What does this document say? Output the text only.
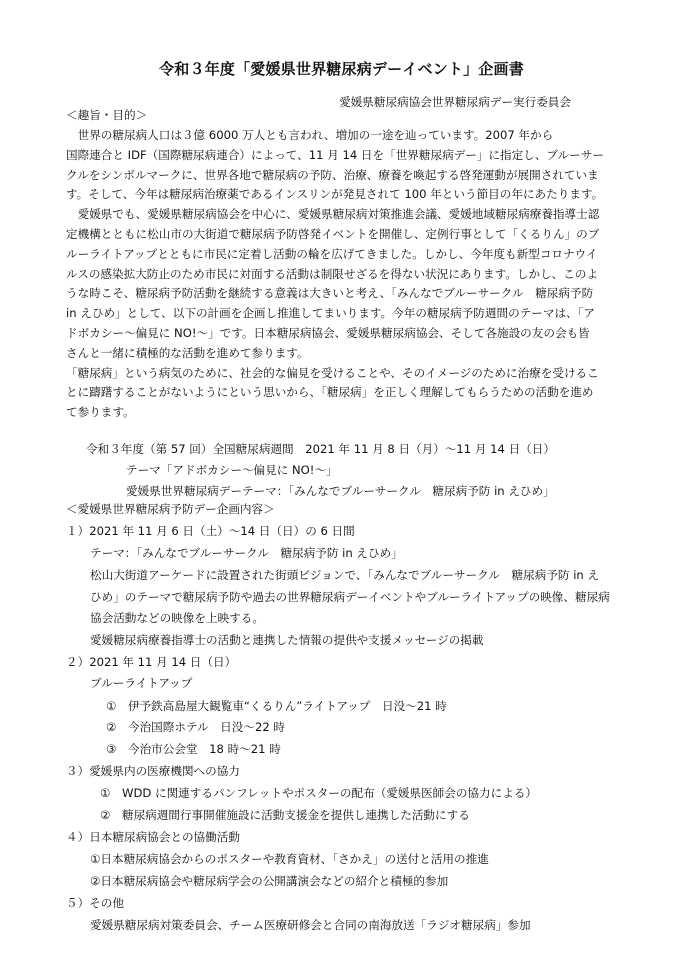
令和３年度「愛媛県世界糖尿病デーイベント」企画書
愛媛県糖尿病協会世界糖尿病デー実行委員会
＜趣旨・目的＞
　世界の糖尿病人口は３億 6000 万人とも言われ、増加の一途を辿っています。2007 年から
国際連合と IDF（国際糖尿病連合）によって、11 月 14 日を「世界糖尿病デー」に指定し、ブルーサー
クルをシンボルマークに、世界各地で糖尿病の予防、治療、療養を喚起する啓発運動が展開されていま
す。そして、今年は糖尿病治療薬であるインスリンが発見されて 100 年という節目の年にあたります。
　愛媛県でも、愛媛県糖尿病協会を中心に、愛媛県糖尿病対策推進会議、愛媛地域糖尿病療養指導士認
定機構とともに松山市の大街道で糖尿病予防啓発イベントを開催し、定例行事として「くるりん」のブ
ルーライトアップとともに市民に定着し活動の輪を広げてきました。しかし、今年度も新型コロナウイ
ルスの感染拡大防止のため市民に対面する活動は制限せざるを得ない状況にあります。しかし、このよ
うな時こそ、糖尿病予防活動を継続する意義は大きいと考え、「みんなでブルーサークル　糖尿病予防
in えひめ」として、以下の計画を企画し推進してまいります。今年の糖尿病予防週間のテーマは、「ア
ドボカシー～偏見に NO!～」です。日本糖尿病協会、愛媛県糖尿病協会、そして各施設の友の会も皆
さんと一緒に積極的な活動を進めて参ります。
「糖尿病」という病気のために、社会的な偏見を受けることや、そのイメージのために治療を受けるこ
とに躊躇することがないようにという思いから、「糖尿病」を正しく理解してもらうための活動を進め
て参ります。
令和３年度（第 57 回）全国糖尿病週間　2021 年 11 月 8 日（月）～11 月 14 日（日）
テーマ「アドボカシー～偏見に NO!～」
愛媛県世界糖尿病デーテーマ：「みんなでブルーサークル　糖尿病予防 in えひめ」
＜愛媛県世界糖尿病予防デー企画内容＞
１）2021 年 11 月 6 日（土）～14 日（日）の 6 日間
テーマ：「みんなでブルーサークル　糖尿病予防 in えひめ」
松山大街道アーケードに設置された街頭ビジョンで、「みんなでブルーサークル　糖尿病予防 in え
ひめ」のテーマで糖尿病予防や過去の世界糖尿病デーイベントやブルーライトアップの映像、糖尿病
協会活動などの映像を上映する。
愛媛糖尿病療養指導士の活動と連携した情報の提供や支援メッセージの掲載
２）2021 年 11 月 14 日（日）
ブルーライトアップ
①　伊予鉄高島屋大観覧車“くるりん”ライトアップ　日没～21 時
②　今治国際ホテル　日没～22 時
③　今治市公会堂　18 時～21 時
３）愛媛県内の医療機関への協力
①　WDD に関連するパンフレットやポスターの配布（愛媛県医師会の協力による）
②　糖尿病週間行事開催施設に活動支援金を提供し連携した活動にする
４）日本糖尿病協会との協働活動
①日本糖尿病協会からのポスターや教育資材、「さかえ」の送付と活用の推進
②日本糖尿病協会や糖尿病学会の公開講演会などの紹介と積極的参加
５）その他
愛媛県糖尿病対策委員会、チーム医療研修会と合同の南海放送「ラジオ糖尿病」参加
